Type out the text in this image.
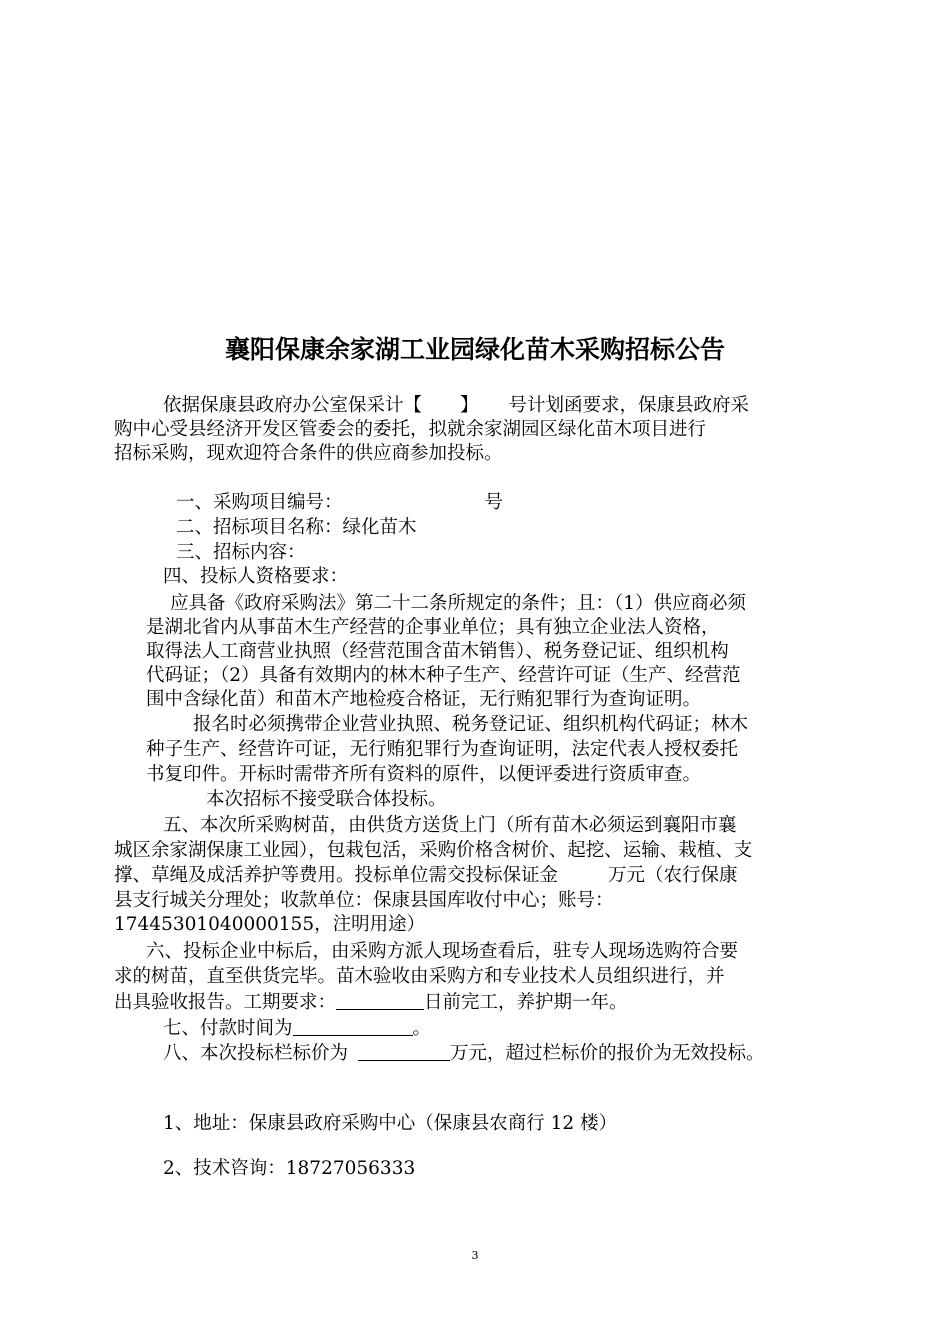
襄阳保康余家湖工业园绿化苗木采购招标公告
依据保康县政府办公室保采计【 】 号计划函要求，保康县政府采
购中心受县经济开发区管委会的委托，拟就余家湖园区绿化苗木项目进行
招标采购，现欢迎符合条件的供应商参加投标。
一、采购项目编号：	号
二、招标项目名称：绿化苗木
三、招标内容：
四、投标人资格要求：
应具备《政府采购法》第二十二条所规定的条件；且：（1）供应商必须
是湖北省内从事苗木生产经营的企事业单位；具有独立企业法人资格，
取得法人工商营业执照（经营范围含苗木销售）、税务登记证、组织机构
代码证；（2）具备有效期内的林木种子生产、经营许可证（生产、经营范
围中含绿化苗）和苗木产地检疫合格证，无行贿犯罪行为查询证明。
报名时必须携带企业营业执照、税务登记证、组织机构代码证；林木
种子生产、经营许可证，无行贿犯罪行为查询证明，法定代表人授权委托
书复印件。开标时需带齐所有资料的原件，以便评委进行资质审查。
本次招标不接受联合体投标。
五、本次所采购树苗，由供货方送货上门（所有苗木必须运到襄阳市襄
城区余家湖保康工业园），包栽包活，采购价格含树价、起挖、运输、栽植、支
撑、草绳及成活养护等费用。投标单位需交投标保证金	万元（农行保康
县支行城关分理处；收款单位：保康县国库收付中心；账号：
17445301040000155，注明用途）
六、投标企业中标后，由采购方派人现场查看后，驻专人现场选购符合要
求的树苗，直至供货完毕。苗木验收由采购方和专业技术人员组织进行，并
出具验收报告。工期要求：	日前完工，养护期一年。
七、付款时间为	。
八、本次投标栏标价为	万元，超过栏标价的报价为无效投标。
1、地址：保康县政府采购中心（保康县农商行 12 楼）
2、技术咨询：18727056333
3
